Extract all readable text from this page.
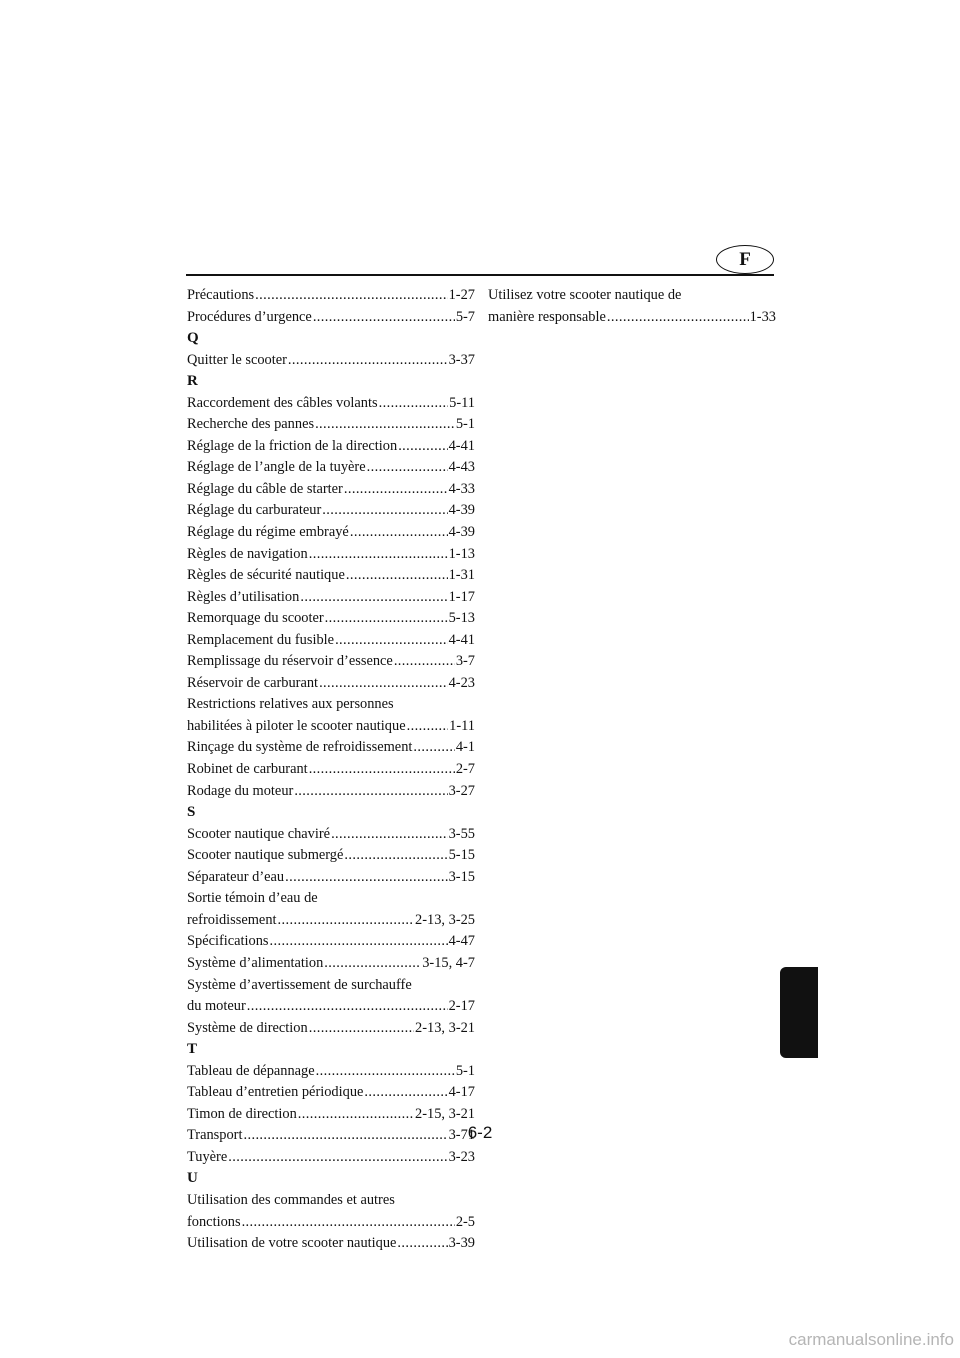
F
Précautions . . .	1-27
Procédures d’urgence . . .	5-7
Q
Quitter le scooter . . .	3-37
R
Raccordement des câbles volants . . .	5-11
Recherche des pannes . . .	5-1
Réglage de la friction de la direction . . .	4-41
Réglage de l’angle de la tuyère . . .	4-43
Réglage du câble de starter . . .	4-33
Réglage du carburateur . . .	4-39
Réglage du régime embrayé . . .	4-39
Règles de navigation . . .	1-13
Règles de sécurité nautique . . .	1-31
Règles d’utilisation . . .	1-17
Remorquage du scooter . . .	5-13
Remplacement du fusible . . .	4-41
Remplissage du réservoir d’essence . . .	3-7
Réservoir de carburant . . .	4-23
Restrictions relatives aux personnes
habilitées à piloter le scooter nautique . . .	1-11
Rinçage du système de refroidissement . . .	4-1
Robinet de carburant . . .	2-7
Rodage du moteur . . .	3-27
S
Scooter nautique chaviré . . .	3-55
Scooter nautique submergé . . .	5-15
Séparateur d’eau . . .	3-15
Sortie témoin d’eau de
refroidissement . . .	2-13, 3-25
Spécifications . . .	4-47
Système d’alimentation . . .	3-15, 4-7
Système d’avertissement de surchauffe
du moteur . . .	2-17
Système de direction . . .	2-13, 3-21
T
Tableau de dépannage . . .	5-1
Tableau d’entretien périodique . . .	4-17
Timon de direction . . .	2-15, 3-21
Transport . . .	3-71
Tuyère . . .	3-23
U
Utilisation des commandes et autres
fonctions . . .	2-5
Utilisation de votre scooter nautique . . .	3-39
Utilisez votre scooter nautique de
manière responsable . . .	1-33
6-2
carmanualsonline.info
